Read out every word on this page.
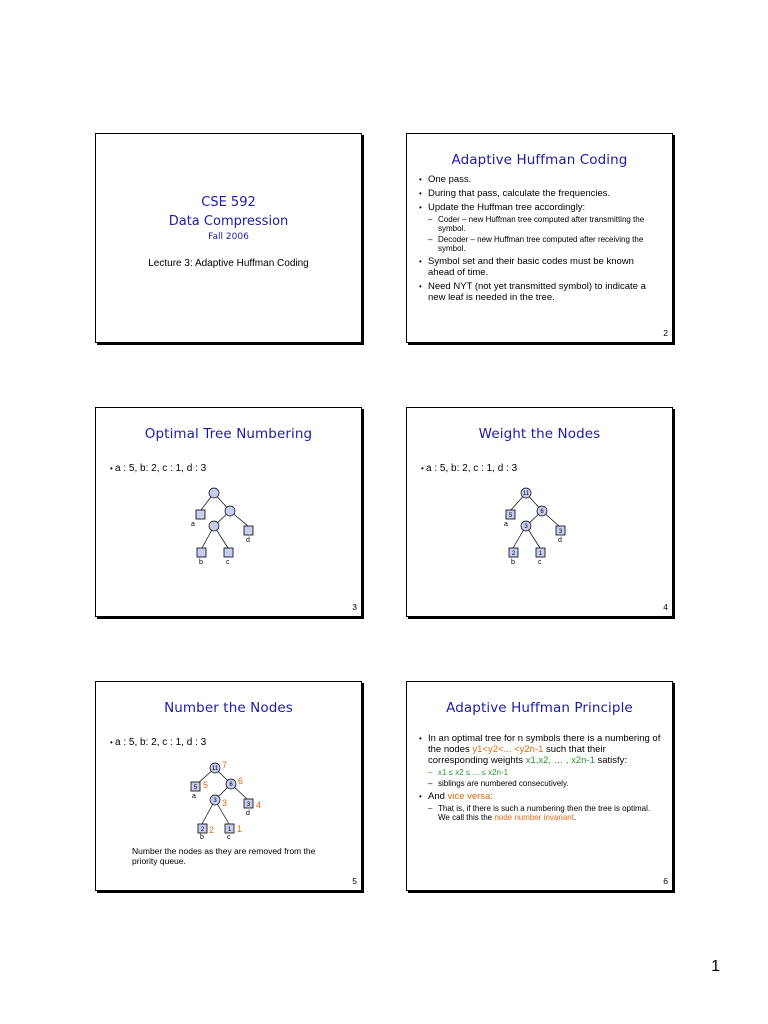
CSE 592
Data Compression
Fall 2006
Lecture 3: Adaptive Huffman Coding
Adaptive Huffman Coding
• One pass.
• During that pass, calculate the frequencies.
• Update the Huffman tree accordingly:
– Coder – new Huffman tree computed after transmitting the symbol.
– Decoder – new Huffman tree computed after receiving the symbol.
• Symbol set and their basic codes must be known ahead of time.
• Need NYT (not yet transmitted symbol) to indicate a new leaf is needed in the tree.
2
Optimal Tree Numbering
• a : 5, b: 2, c : 1, d : 3
a
d
b	c
3
Weight the Nodes
• a : 5, b: 2, c : 1, d : 3
11
6
3
5
3
2	1
a
d
b	c
4
Number the Nodes
• a : 5, b: 2, c : 1, d : 3
11
6
3
5
3
2	1
7
5	6
3	4
2	1
a
d
b	c
Number the nodes as they are removed from the priority queue.
5
Adaptive Huffman Principle
• In an optimal tree for n symbols there is a numbering of the nodes y1<y2<... <y2n-1 such that their corresponding weights x1,x2, … , x2n-1 satisfy:
– x1 ≤ x2 ≤ ... ≤ x2n-1
– siblings are numbered consecutively.
• And vice versa:
– That is, if there is such a numbering then the tree is optimal. We call this the node number invariant.
6
1
